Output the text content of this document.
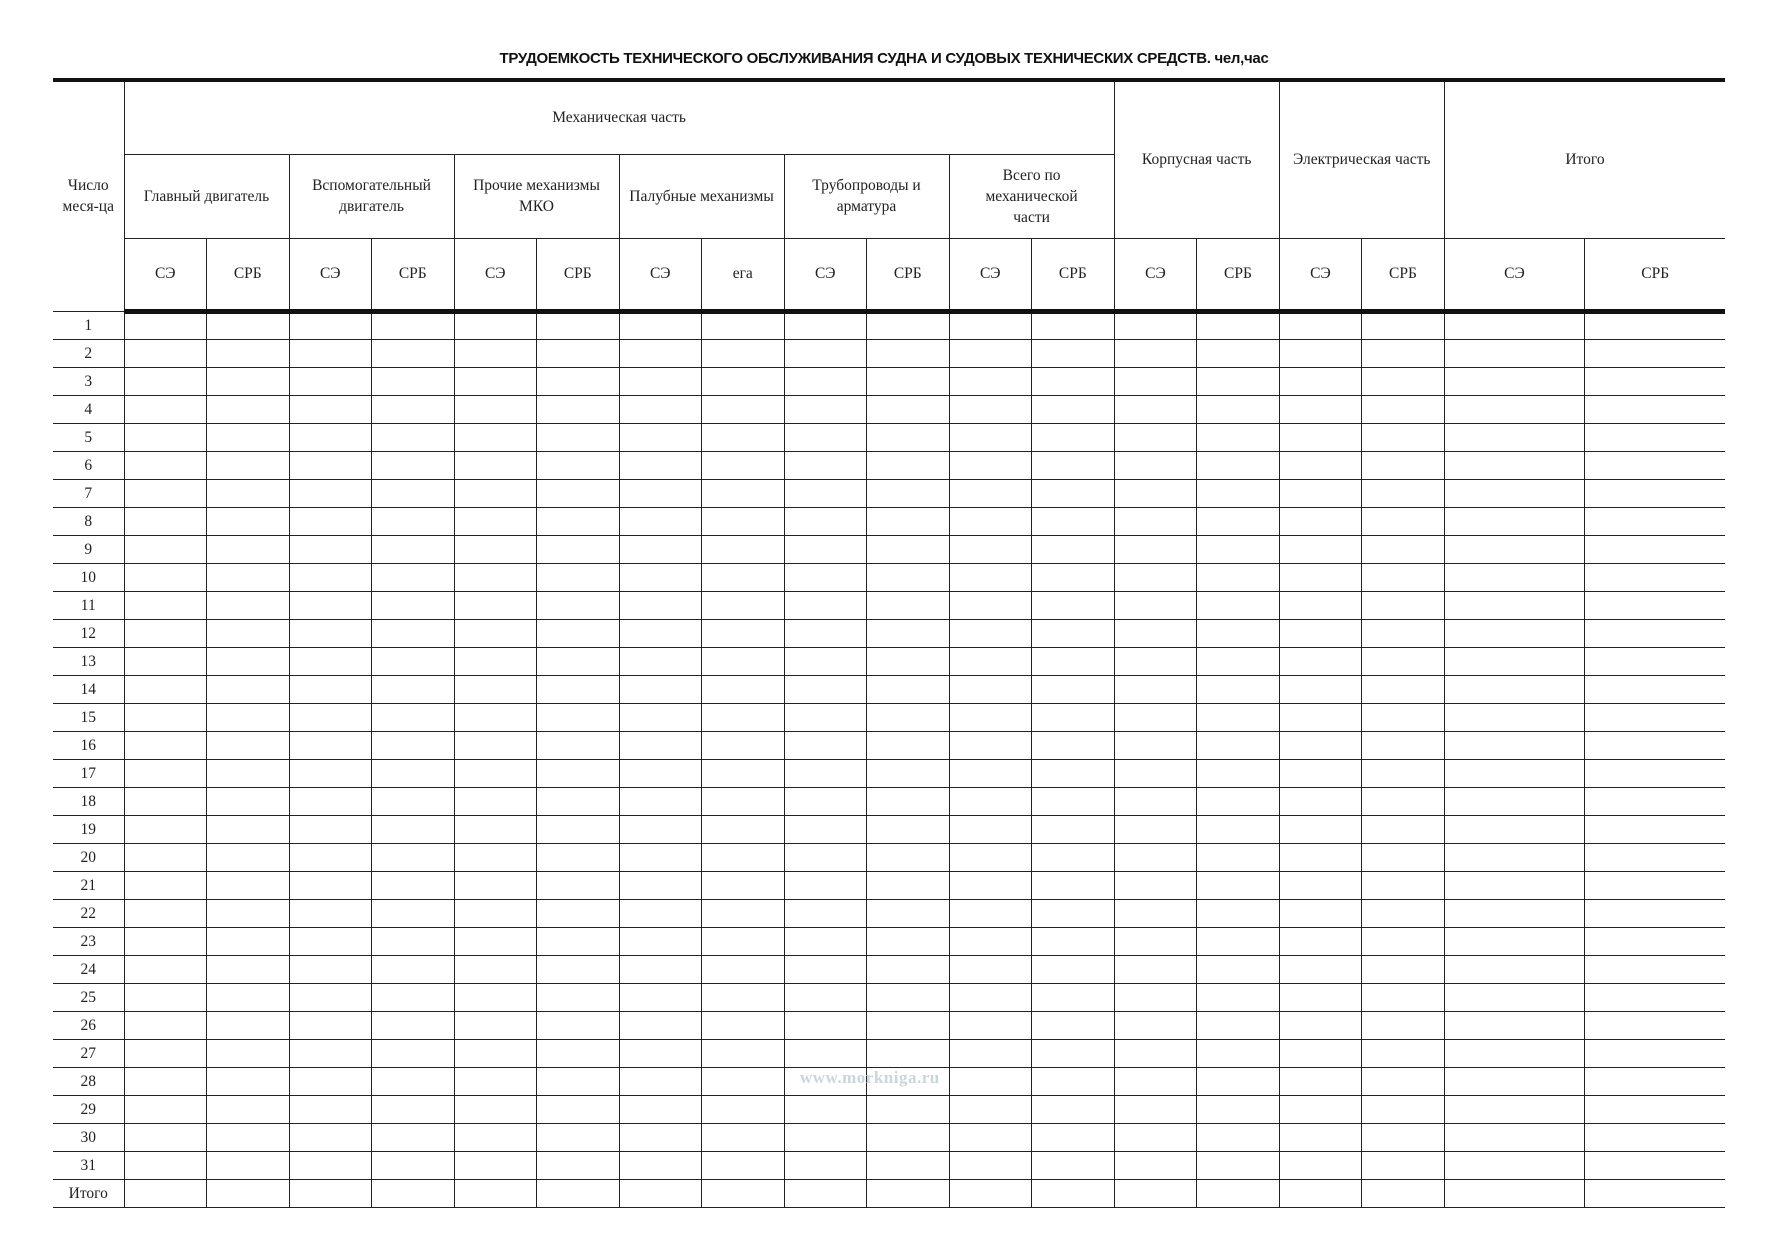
ТРУДОЕМКОСТЬ ТЕХНИЧЕСКОГО ОБСЛУЖИВАНИЯ СУДНА И СУДОВЫХ ТЕХНИЧЕСКИХ СРЕДСТВ. чел,час
Число меся-ца	Механическая часть												Корпусная часть		Электрическая часть		Итого	
	Главный двигатель		Вспомогательный двигатель		Прочие механизмы МКО		Палубные механизмы		Трубопроводы и арматура		Всего по механической части							
	СЭ	СРБ	СЭ	СРБ	СЭ	СРБ	СЭ	ега	СЭ	СРБ	СЭ	СРБ	СЭ	СРБ	СЭ	СРБ	СЭ	СРБ
1																		
2																		
3																		
4																		
5																		
6																		
7																		
8																		
9																		
10																		
11																		
12																		
13																		
14																		
15																		
16																		
17																		
18																		
19																		
20																		
21																		
22																		
23																		
24																		
25																		
26																		
27																		
28																		
29																		
30																		
31																		
Итого																		
www.morkniga.ru
